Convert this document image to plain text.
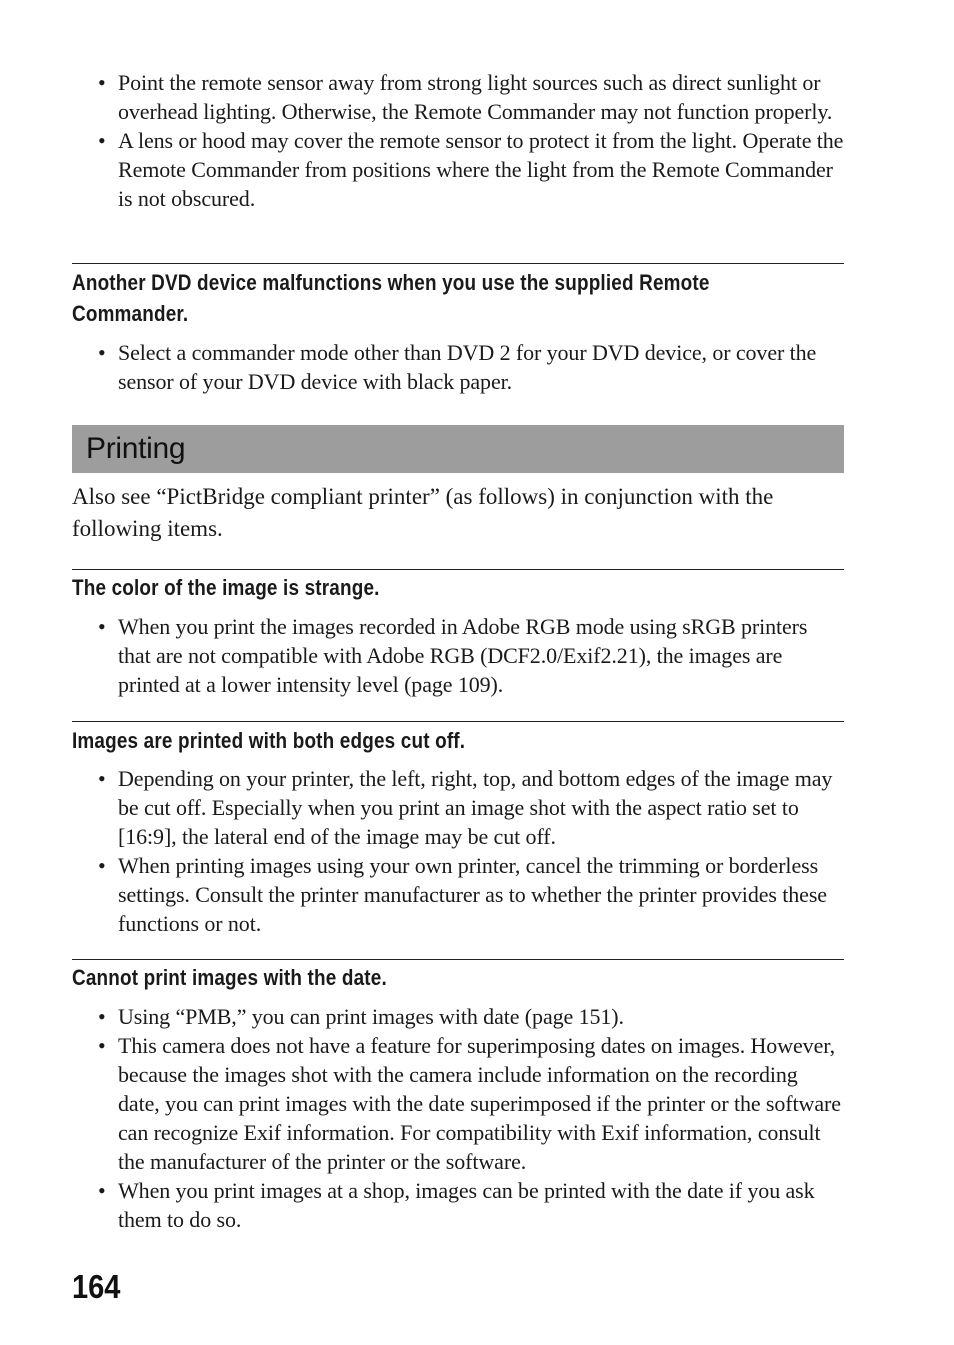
• Point the remote sensor away from strong light sources such as direct sunlight or overhead lighting. Otherwise, the Remote Commander may not function properly.
• A lens or hood may cover the remote sensor to protect it from the light. Operate the Remote Commander from positions where the light from the Remote Commander is not obscured.
Another DVD device malfunctions when you use the supplied Remote Commander.
• Select a commander mode other than DVD 2 for your DVD device, or cover the sensor of your DVD device with black paper.
Printing

Also see “PictBridge compliant printer” (as follows) in conjunction with the following items.

The color of the image is strange.
• When you print the images recorded in Adobe RGB mode using sRGB printers that are not compatible with Adobe RGB (DCF2.0/Exif2.21), the images are printed at a lower intensity level (page 109).
Images are printed with both edges cut off.
• Depending on your printer, the left, right, top, and bottom edges of the image may be cut off. Especially when you print an image shot with the aspect ratio set to [16:9], the lateral end of the image may be cut off.
• When printing images using your own printer, cancel the trimming or borderless settings. Consult the printer manufacturer as to whether the printer provides these functions or not.
Cannot print images with the date.
• Using “PMB,” you can print images with date (page 151).
• This camera does not have a feature for superimposing dates on images. However, because the images shot with the camera include information on the recording date, you can print images with the date superimposed if the printer or the software can recognize Exif information. For compatibility with Exif information, consult the manufacturer of the printer or the software.
• When you print images at a shop, images can be printed with the date if you ask them to do so.
164
